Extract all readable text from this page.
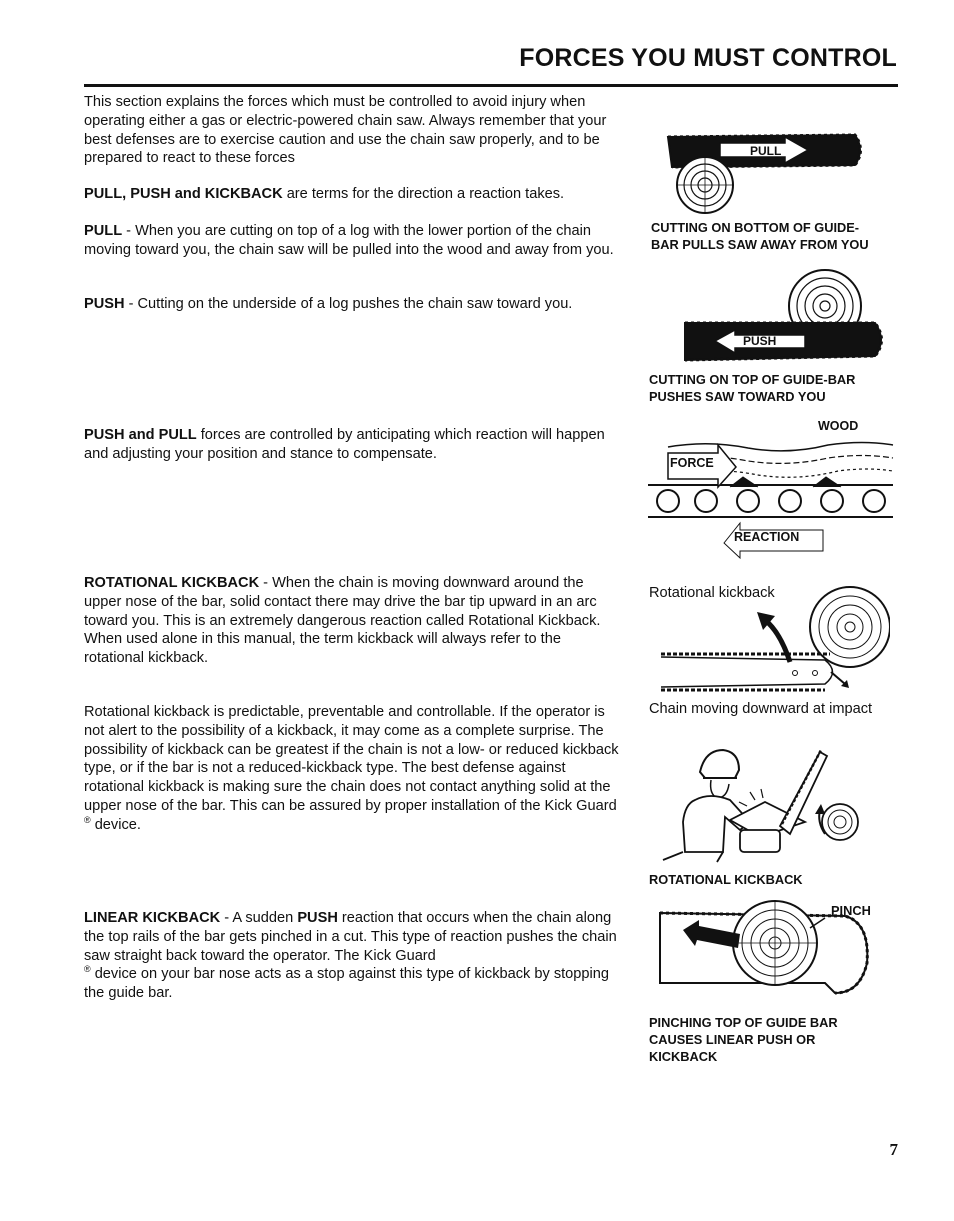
FORCES YOU MUST CONTROL

This section explains the forces which must be controlled to avoid injury when operating either a gas or electric-powered chain saw. Always remember that your best defenses are to exercise caution and use the chain saw properly, and to be prepared to react to these forces

PULL, PUSH and KICKBACK are terms for the direction a reaction takes.

PULL - When you are cutting on top of a log with the lower portion of the chain moving toward you, the chain saw will be pulled into the wood and away from you.

PUSH - Cutting on the underside of a log pushes the chain saw toward you.

PUSH and PULL forces are controlled by anticipating which reaction will happen and adjusting your position and stance to compensate.

ROTATIONAL KICKBACK - When the chain is moving downward around the upper nose of the bar, solid contact there may drive the bar tip upward in an arc toward you. This is an extremely dangerous reaction called Rotational Kickback. When used alone in this manual, the term kickback will always refer to the rotational kickback.

Rotational kickback is predictable, preventable and controllable. If the operator is not alert to the possibility of a kickback, it may come as a complete surprise. The possibility of kickback can be greatest if the chain is not a low- or reduced kickback type, or if the bar is not a reduced-kickback type. The best defense against rotational kickback is making sure the chain does not contact anything solid at the upper nose of the bar. This can be assured by proper installation of the Kick Guard ® device.

LINEAR KICKBACK - A sudden PUSH reaction that occurs when the chain along the top rails of the bar gets pinched in a cut. This type of reaction pushes the chain saw straight back toward the operator. The Kick Guard
® device on your bar nose acts as a stop against this type of kickback by stopping the guide bar.

PULL

CUTTING ON BOTTOM OF GUIDE-

BAR PULLS SAW AWAY FROM YOU

PUSH

CUTTING ON TOP OF GUIDE-BAR

PUSHES SAW TOWARD YOU

WOOD
FORCE
REACTION

Rotational kickback

Chain moving downward at impact

ROTATIONAL KICKBACK

PINCH

PINCHING TOP OF GUIDE BAR

CAUSES LINEAR PUSH OR

KICKBACK

7
